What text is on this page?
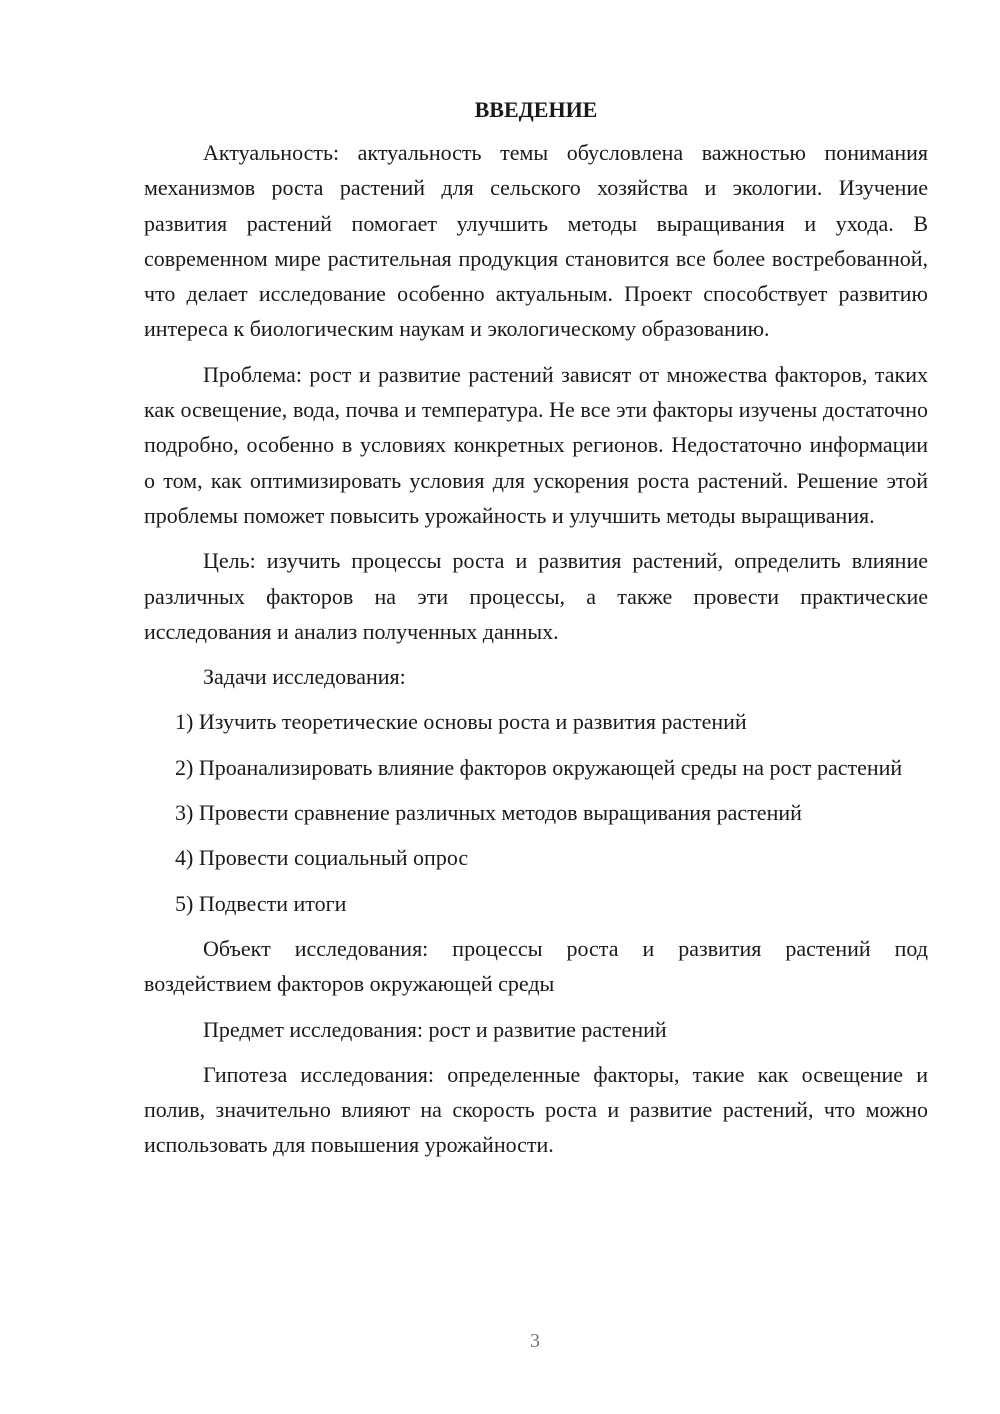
ВВЕДЕНИЕ

Актуальность: актуальность темы обусловлена важностью понимания механизмов роста растений для сельского хозяйства и экологии. Изучение развития растений помогает улучшить методы выращивания и ухода. В современном мире растительная продукция становится все более востребованной, что делает исследование особенно актуальным. Проект способствует развитию интереса к биологическим наукам и экологическому образованию.

Проблема: рост и развитие растений зависят от множества факторов, таких как освещение, вода, почва и температура. Не все эти факторы изучены достаточно подробно, особенно в условиях конкретных регионов. Недостаточно информации о том, как оптимизировать условия для ускорения роста растений. Решение этой проблемы поможет повысить урожайность и улучшить методы выращивания.

Цель: изучить процессы роста и развития растений, определить влияние различных факторов на эти процессы, а также провести практические исследования и анализ полученных данных.

Задачи исследования:

1) Изучить теоретические основы роста и развития растений

2) Проанализировать влияние факторов окружающей среды на рост растений

3) Провести сравнение различных методов выращивания растений

4) Провести социальный опрос

5) Подвести итоги

Объект исследования: процессы роста и развития растений под воздействием факторов окружающей среды

Предмет исследования: рост и развитие растений

Гипотеза исследования: определенные факторы, такие как освещение и полив, значительно влияют на скорость роста и развитие растений, что можно использовать для повышения урожайности.

3
